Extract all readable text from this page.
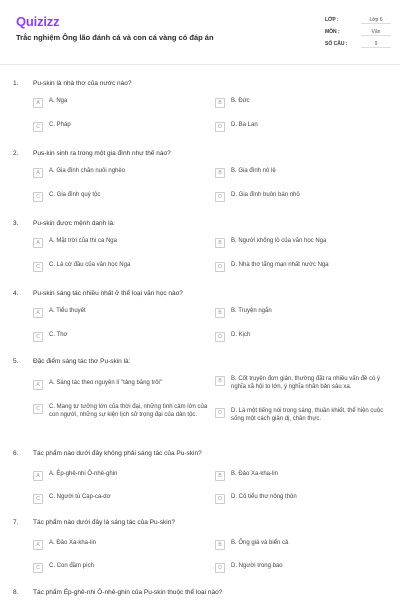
Quizizz
Trắc nghiệm Ông lão đánh cá và con cá vàng có đáp án
LỚP :	Lớp 6
MÔN :	Văn
SỐ CÂU :	9
1.	Pu-skin là nhà thơ của nước nào?
A	A. Nga	B	B. Đức
C	C. Pháp	D	D. Ba Lan
2.	Pus-kin sinh ra trong một gia đình như thế nào?
A	A. Gia đình chăn nuôi nghèo	B	B. Gia đình nô lệ
C	C. Gia đình quý tộc	D	D. Gia đình buôn bán nhỏ
3.	Pu-skin được mệnh danh là:
A	A. Mặt trời của thi ca Nga	B	B. Người khổng lồ của văn học Nga
C	C. Lá cờ đầu của văn học Nga	D	D. Nhà thơ lãng mạn nhất nước Nga
4.	Pu-skin sáng tác nhiều nhất ở thể loại văn học nào?
A	A. Tiểu thuyết	B	B. Truyện ngắn
C	C. Thơ	D	D. Kịch
5.	Đặc điểm sáng tác thơ Pu-skin là:
A	A. Sáng tác theo nguyên lí "tảng băng trôi"	B	B. Cốt truyện đơn giản, thường đặt ra nhiều vấn đề có ý nghĩa xã hội to lớn, ý nghĩa nhân bản sâu xa.
C	C. Mang tư tưởng lớn của thời đại, những tình cảm lớn của con người, những sự kiện lịch sử trọng đại của dân tộc.	D	D. Là một tiếng nói trong sáng, thuần khiết, thể hiện cuộc sống một cách giản dị, chân thực.
6.	Tác phẩm nào dưới đây không phải sáng tác của Pu-skin?
A	A. Ép-ghê-nhi Ô-nhê-ghin	B	B. Đảo Xa-kha-lin
C	C. Người tù Cap-ca-dơ	D	D. Cô tiểu thư nông thôn
7.	Tác phẩm nào dưới đây là sáng tác của Pu-skin?
A	A. Đảo Xa-kha-lin	B	B. Ông già và biển cả
C	C. Con đầm pích	D	D. Người trong bao
8.	Tác phẩm Ép-ghê-nhi Ô-nhê-ghin của Pu-skin thuộc thể loại nào?
